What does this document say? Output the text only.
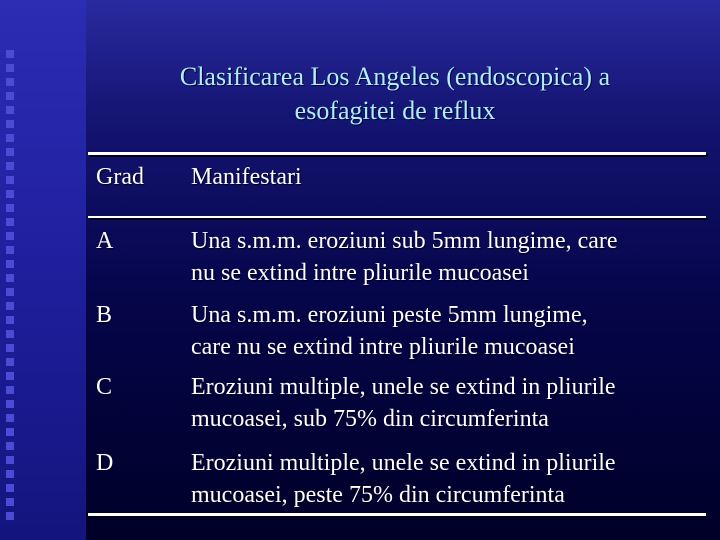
Clasificarea Los Angeles (endoscopica) a
esofagitei de reflux
Grad Manifestari
A	Una s.m.m. eroziuni sub 5mm lungime, care
nu se extind intre pliurile mucoasei
B	Una s.m.m. eroziuni peste 5mm lungime,
care nu se extind intre pliurile mucoasei
C	Eroziuni multiple, unele se extind in pliurile
mucoasei, sub 75% din circumferinta
D	Eroziuni multiple, unele se extind in pliurile
mucoasei, peste 75% din circumferinta
